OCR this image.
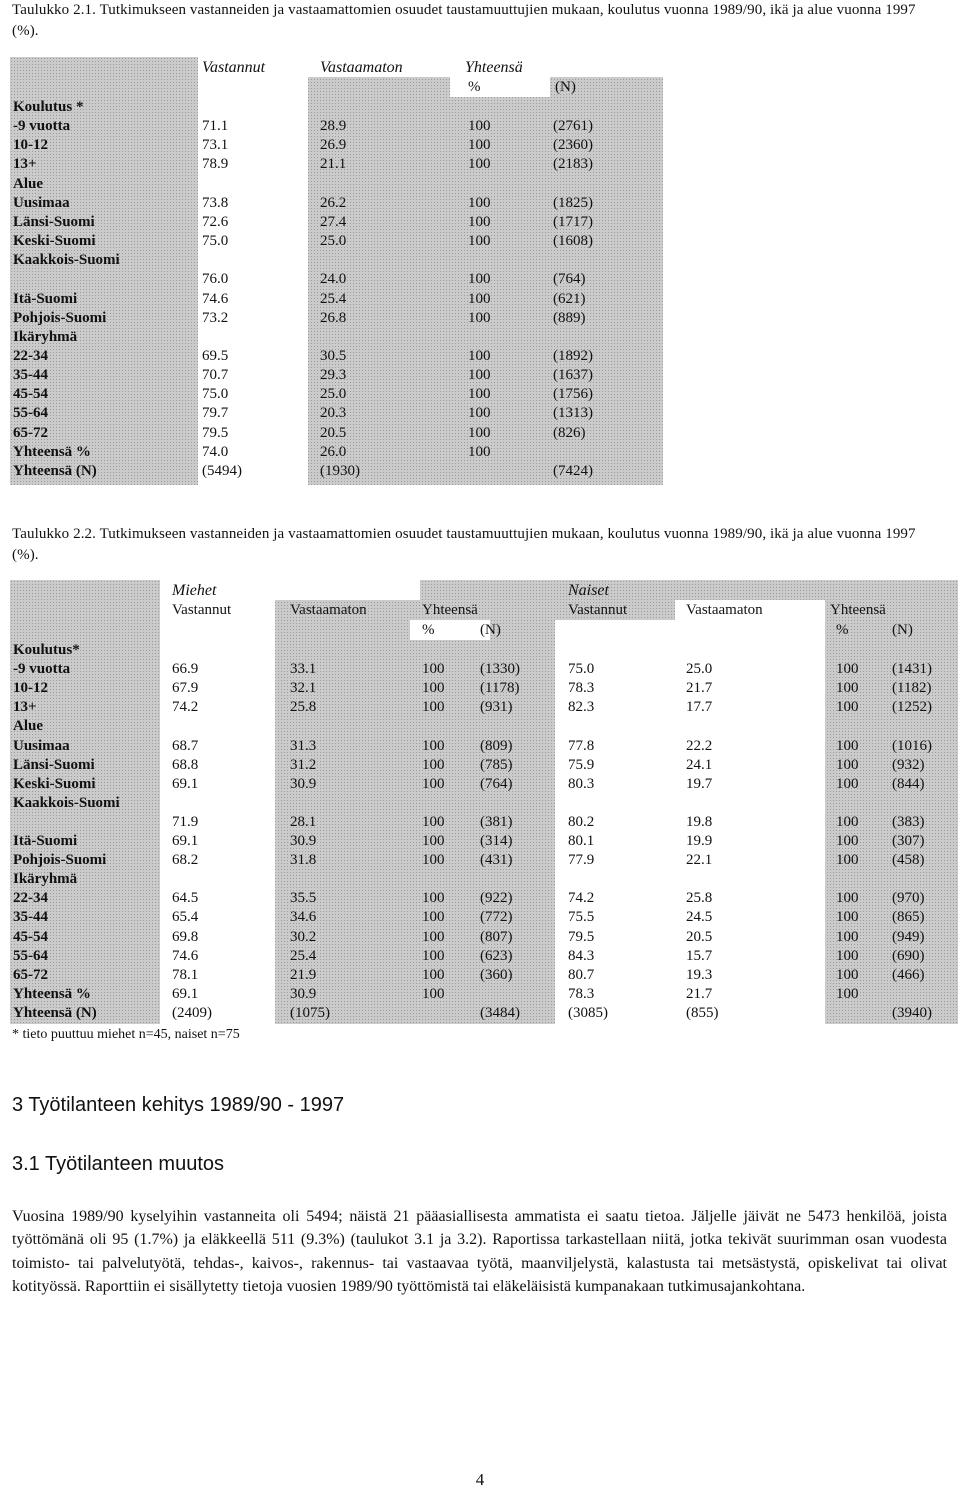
Taulukko 2.1. Tutkimukseen vastanneiden ja vastaamattomien osuudet taustamuuttujien mukaan, koulutus vuonna 1989/90, ikä ja alue vuonna 1997 (%).
Vastannut	Vastaamaton	Yhteensä
%	(N)
Koulutus *
-9 vuotta	71.1	28.9	100	(2761)
10-12	73.1	26.9	100	(2360)
13+	78.9	21.1	100	(2183)
Alue
Uusimaa	73.8	26.2	100	(1825)
Länsi-Suomi	72.6	27.4	100	(1717)
Keski-Suomi	75.0	25.0	100	(1608)
Kaakkois-Suomi
76.0	24.0	100	(764)
Itä-Suomi	74.6	25.4	100	(621)
Pohjois-Suomi	73.2	26.8	100	(889)
Ikäryhmä
22-34	69.5	30.5	100	(1892)
35-44	70.7	29.3	100	(1637)
45-54	75.0	25.0	100	(1756)
55-64	79.7	20.3	100	(1313)
65-72	79.5	20.5	100	(826)
Yhteensä %	74.0	26.0	100
Yhteensä (N)	(5494)	(1930)	(7424)
Taulukko 2.2. Tutkimukseen vastanneiden ja vastaamattomien osuudet taustamuuttujien mukaan, koulutus vuonna 1989/90, ikä ja alue vuonna 1997 (%).
Miehet	Naiset
Vastannut	Vastaamaton	Yhteensä
%	(N)
Vastannut	Vastaamaton	Yhteensä
%	(N)
Koulutus*
-9 vuotta	66.9	33.1	100 (1330)	75.0	25.0	100 (1431)
10-12	67.9	32.1	100 (1178)	78.3	21.7	100 (1182)
13+	74.2	25.8	100 (931)	82.3	17.7	100 (1252)
Alue
Uusimaa	68.7	31.3	100 (809)	77.8	22.2	100 (1016)
Länsi-Suomi	68.8	31.2	100 (785)	75.9	24.1	100 (932)
Keski-Suomi	69.1	30.9	100 (764)	80.3	19.7	100 (844)
Kaakkois-Suomi
71.9	28.1	100 (381)	80.2	19.8	100 (383)
Itä-Suomi	69.1	30.9	100 (314)	80.1	19.9	100 (307)
Pohjois-Suomi	68.2	31.8	100 (431)	77.9	22.1	100 (458)
Ikäryhmä
22-34	64.5	35.5	100 (922)	74.2	25.8	100 (970)
35-44	65.4	34.6	100 (772)	75.5	24.5	100 (865)
45-54	69.8	30.2	100 (807)	79.5	20.5	100 (949)
55-64	74.6	25.4	100 (623)	84.3	15.7	100 (690)
65-72	78.1	21.9	100 (360)	80.7	19.3	100 (466)
Yhteensä %	69.1	30.9	100	78.3	21.7	100
Yhteensä (N)	(2409)	(1075)	(3484)	(3085)	(855)	(3940)
* tieto puuttuu miehet n=45, naiset n=75
3 Työtilanteen kehitys 1989/90 - 1997
3.1 Työtilanteen muutos
Vuosina 1989/90 kyselyihin vastanneita oli 5494; näistä 21 pääasiallisesta ammatista ei saatu tietoa. Jäljelle jäivät ne 5473 henkilöä, joista työttömänä oli 95 (1.7%) ja eläkkeellä 511 (9.3%) (taulukot 3.1 ja 3.2). Raportissa tarkastellaan niitä, jotka tekivät suurimman osan vuodesta toimisto- tai palvelutyötä, tehdas-, kaivos-, rakennus- tai vastaavaa työtä, maanviljelystä, kalastusta tai metsästystä, opiskelivat tai olivat kotityössä. Raporttiin ei sisällytetty tietoja vuosien 1989/90 työttömistä tai eläkeläisistä kumpanakaan tutkimusajankohtana.
4
